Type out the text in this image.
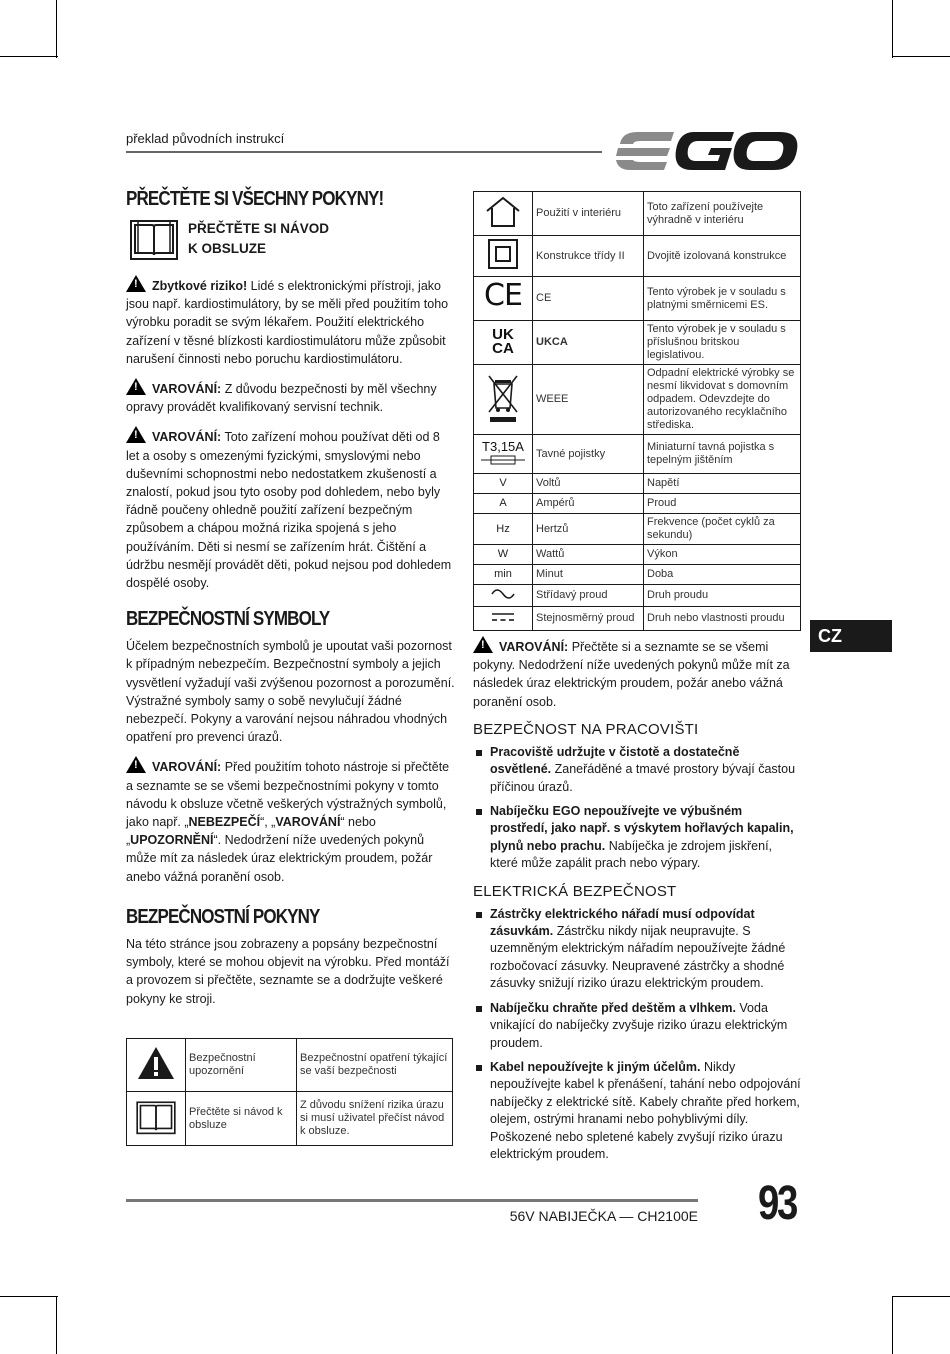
překlad původních instrukcí
PŘEČTĚTE SI VŠECHNY POKYNY!
PŘEČTĚTE SI NÁVOD
K OBSLUZE

!Zbytkové riziko! Lidé s elektronickými přístroji, jako jsou např. kardiostimulátory, by se měli před použitím toho výrobku poradit se svým lékařem. Použití elektrického zařízení v těsné blízkosti kardiostimulátoru může způsobit narušení činnosti nebo poruchu kardiostimulátoru.

!VAROVÁNÍ: Z důvodu bezpečnosti by měl všechny opravy provádět kvalifikovaný servisní technik.

!VAROVÁNÍ: Toto zařízení mohou používat děti od 8 let a osoby s omezenými fyzickými, smyslovými nebo duševními schopnostmi nebo nedostatkem zkušeností a znalostí, pokud jsou tyto osoby pod dohledem, nebo byly řádně poučeny ohledně použití zařízení bezpečným způsobem a chápou možná rizika spojená s jeho používáním. Děti si nesmí se zařízením hrát. Čištění a údržbu nesmějí provádět děti, pokud nejsou pod dohledem dospělé osoby.

BEZPEČNOSTNÍ SYMBOLY

Účelem bezpečnostních symbolů je upoutat vaši pozornost k případným nebezpečím. Bezpečnostní symboly a jejich vysvětlení vyžadují vaši zvýšenou pozornost a porozumění. Výstražné symboly samy o sobě nevylučují žádné nebezpečí. Pokyny a varování nejsou náhradou vhodných opatření pro prevenci úrazů.

!VAROVÁNÍ: Před použitím tohoto nástroje si přečtěte a seznamte se se všemi bezpečnostními pokyny v tomto návodu k obsluze včetně veškerých výstražných symbolů, jako např. „NEBEZPEČÍ“, „VAROVÁNÍ“ nebo „UPOZORNĚNÍ“. Nedodržení níže uvedených pokynů může mít za následek úraz elektrickým proudem, požár anebo vážná poranění osob.

BEZPEČNOSTNÍ POKYNY

Na této stránce jsou zobrazeny a popsány bezpečnostní symboly, které se mohou objevit na výrobku. Před montáží a provozem si přečtěte, seznamte se a dodržujte veškeré pokyny ke stroji.

	Bezpečnostní upozornění	Bezpečnostní opatření týkající se vaší bezpečnosti
	Přečtěte si návod k obsluze	Z důvodu snížení rizika úrazu si musí uživatel přečíst návod k obsluze.
	Použití v interiéru	Toto zařízení používejte výhradně v interiéru
	Konstrukce třídy II	Dvojitě izolovaná konstrukce
CE	CE	Tento výrobek je v souladu s platnými směrnicemi ES.
UK CA	UKCA	Tento výrobek je v souladu s příslušnou britskou legislativou.
	WEEE	Odpadní elektrické výrobky se nesmí likvidovat s domovním odpadem. Odevzdejte do autorizovaného recyklačního střediska.

T3,15A	Tavné pojistky	Miniaturní tavná pojistka s tepelným jištěním
V	Voltů	Napětí
A	Ampérů	Proud
Hz	Hertzů	Frekvence (počet cyklů za sekundu)
W	Wattů	Výkon
min	Minut	Doba
	Střídavý proud	Druh proudu
	Stejnosměrný proud	Druh nebo vlastnosti proudu

!VAROVÁNÍ: Přečtěte si a seznamte se se všemi pokyny. Nedodržení níže uvedených pokynů může mít za následek úraz elektrickým proudem, požár anebo vážná poranění osob.

BEZPEČNOST NA PRACOVIŠTI
Pracoviště udržujte v čistotě a dostatečně osvětlené. Zaneřáděné a tmavé prostory bývají častou příčinou úrazů.
Nabíječku EGO nepoužívejte ve výbušném prostředí, jako např. s výskytem hořlavých kapalin, plynů nebo prachu. Nabíječka je zdrojem jiskření, které může zapálit prach nebo výpary.
ELEKTRICKÁ BEZPEČNOST
Zástrčky elektrického nářadí musí odpovídat zásuvkám. Zástrčku nikdy nijak neupravujte. S uzemněným elektrickým nářadím nepoužívejte žádné rozbočovací zásuvky. Neupravené zástrčky a shodné zásuvky snižují riziko úrazu elektrickým proudem.
Nabíječku chraňte před deštěm a vlhkem. Voda vnikající do nabíječky zvyšuje riziko úrazu elektrickým proudem.
Kabel nepoužívejte k jiným účelům. Nikdy nepoužívejte kabel k přenášení, tahání nebo odpojování nabíječky z elektrické sítě. Kabely chraňte před horkem, olejem, ostrými hranami nebo pohyblivými díly. Poškozené nebo spletené kabely zvyšují riziko úrazu elektrickým proudem.
CZ
56V NABIJEČKA — CH2100E 93
